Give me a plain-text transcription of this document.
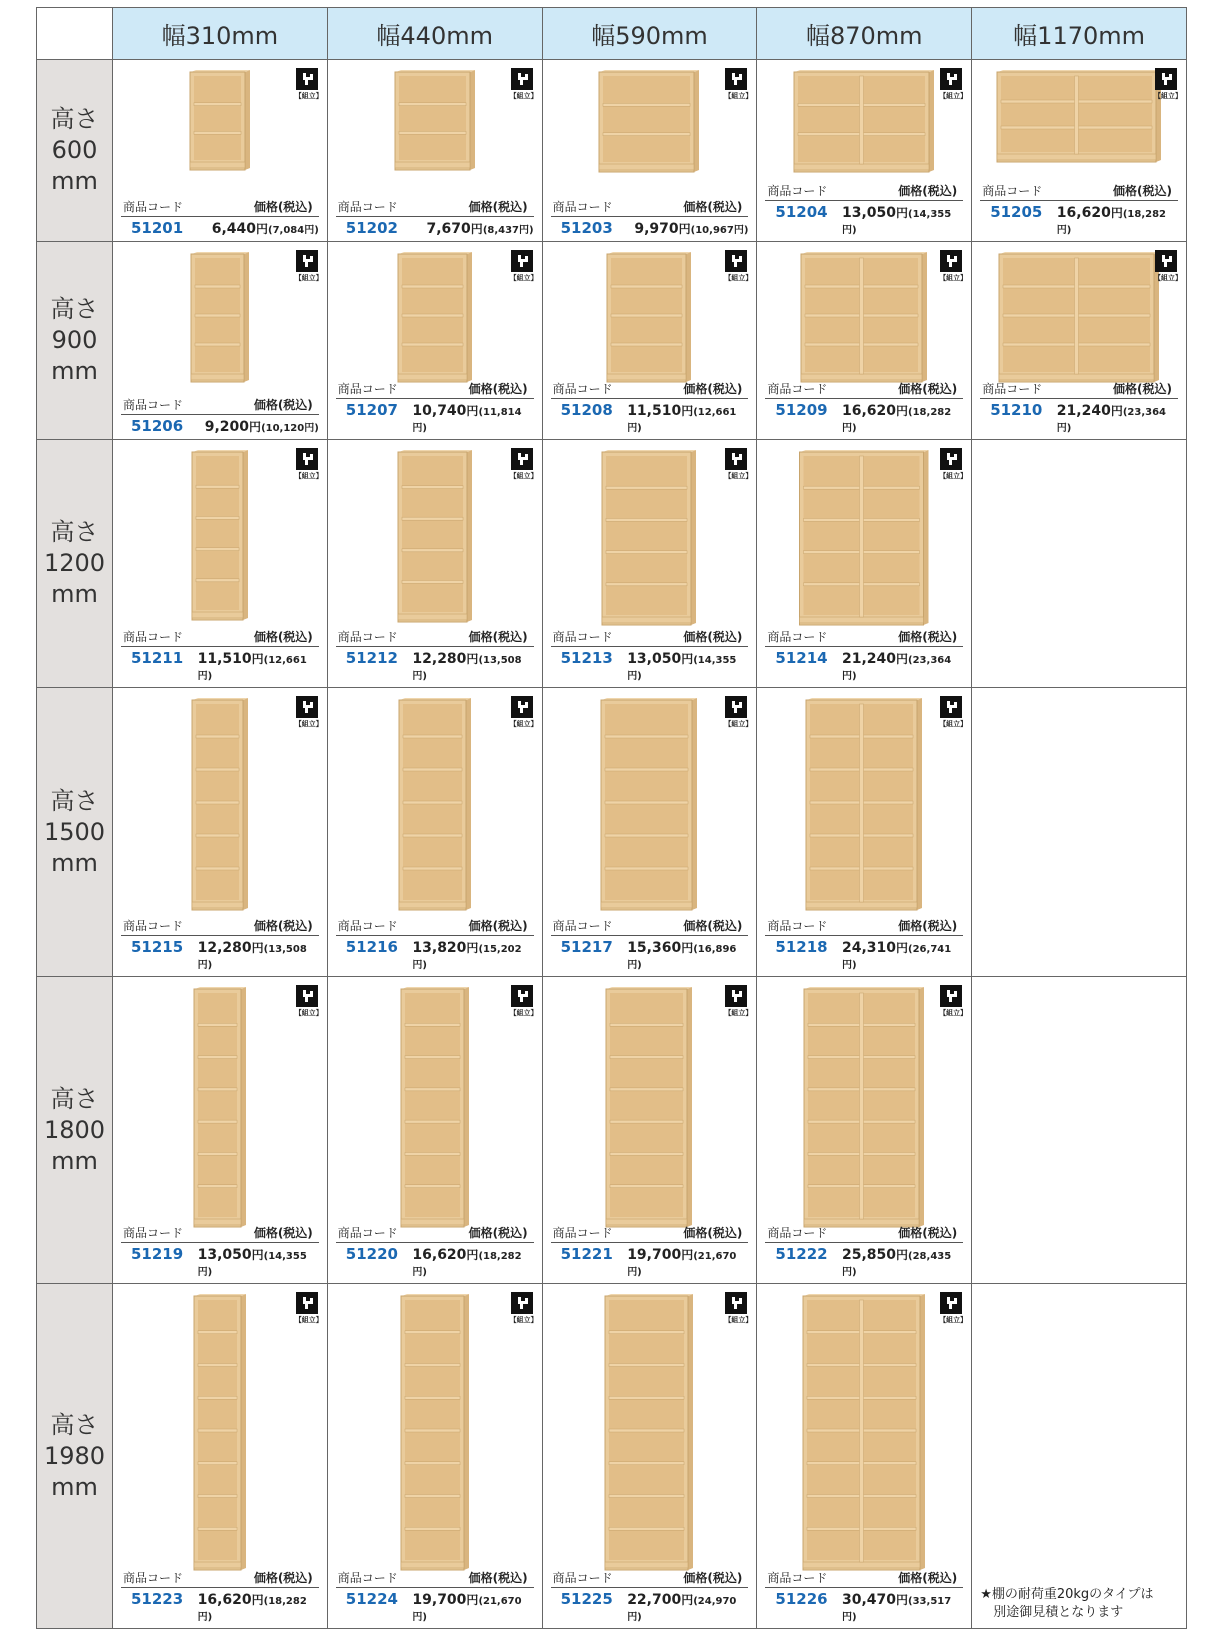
幅310mm	幅440mm	幅590mm	幅870mm	幅1170mm
高さ
600
mm
【組立】
商品コード	価格(税込)
51201	6,440円(7,084円)
【組立】
商品コード	価格(税込)
51202	7,670円(8,437円)
【組立】
商品コード	価格(税込)
51203	9,970円(10,967円)
【組立】
商品コード	価格(税込)
51204	13,050円(14,355円)
【組立】
商品コード	価格(税込)
51205	16,620円(18,282円)
高さ
900
mm
【組立】
商品コード	価格(税込)
51206	9,200円(10,120円)
【組立】
商品コード	価格(税込)
51207	10,740円(11,814円)
【組立】
商品コード	価格(税込)
51208	11,510円(12,661円)
【組立】
商品コード	価格(税込)
51209	16,620円(18,282円)
【組立】
商品コード	価格(税込)
51210	21,240円(23,364円)
高さ
1200
mm
【組立】
商品コード	価格(税込)
51211	11,510円(12,661円)
【組立】
商品コード	価格(税込)
51212	12,280円(13,508円)
【組立】
商品コード	価格(税込)
51213	13,050円(14,355円)
【組立】
商品コード	価格(税込)
51214	21,240円(23,364円)
高さ
1500
mm
【組立】
商品コード	価格(税込)
51215	12,280円(13,508円)
【組立】
商品コード	価格(税込)
51216	13,820円(15,202円)
【組立】
商品コード	価格(税込)
51217	15,360円(16,896円)
【組立】
商品コード	価格(税込)
51218	24,310円(26,741円)
高さ
1800
mm
【組立】
商品コード	価格(税込)
51219	13,050円(14,355円)
【組立】
商品コード	価格(税込)
51220	16,620円(18,282円)
【組立】
商品コード	価格(税込)
51221	19,700円(21,670円)
【組立】
商品コード	価格(税込)
51222	25,850円(28,435円)
高さ
1980
mm
【組立】
商品コード	価格(税込)
51223	16,620円(18,282円)
【組立】
商品コード	価格(税込)
51224	19,700円(21,670円)
【組立】
商品コード	価格(税込)
51225	22,700円(24,970円)
【組立】
商品コード	価格(税込)
51226	30,470円(33,517円)
★棚の耐荷重20kgのタイプは
　別途御見積となります
